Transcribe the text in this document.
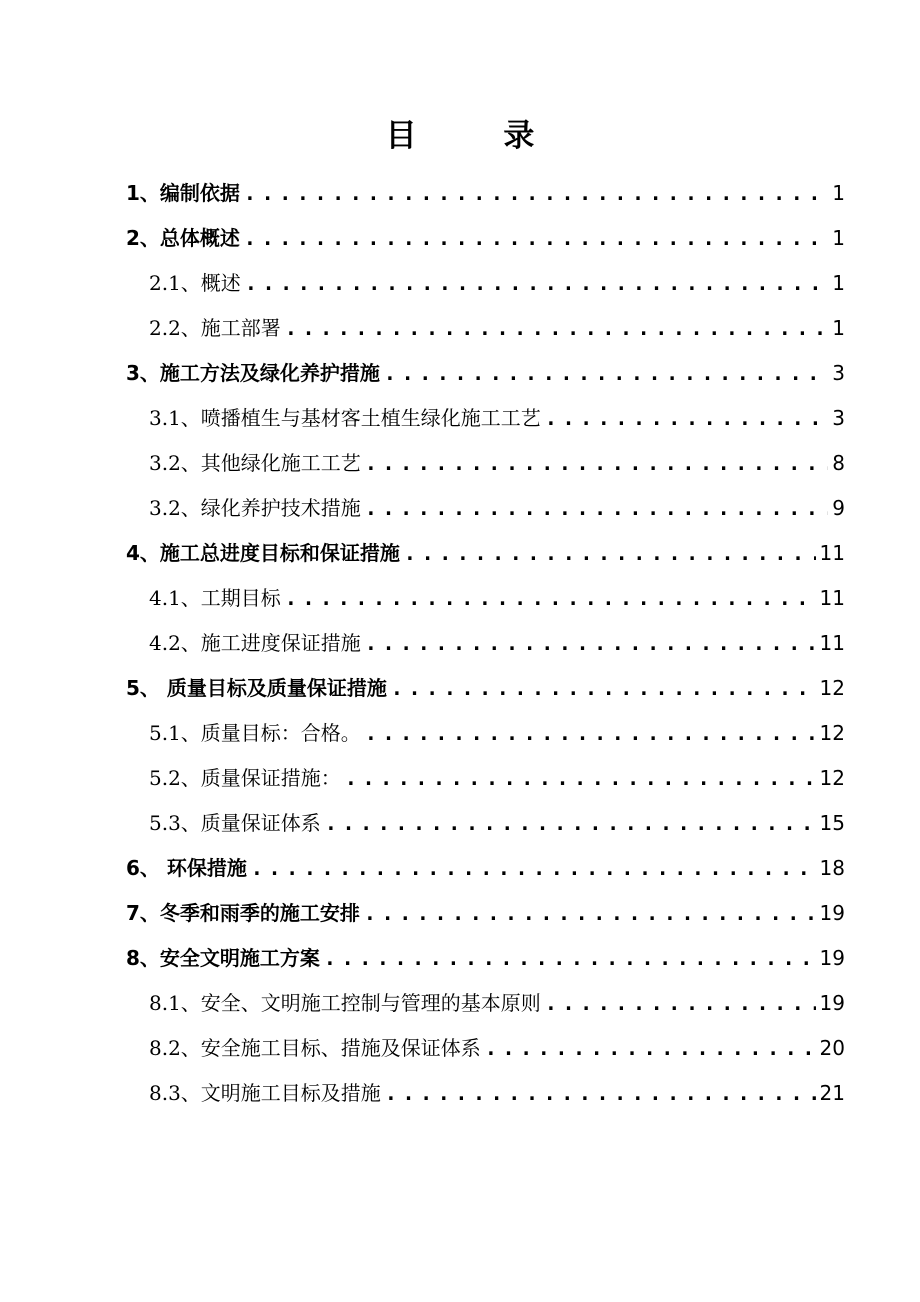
目 录
1、编制依据 .....	1
2、总体概述 .....	1
2.1、概述 .....	1
2.2、施工部署 .....	1
3、施工方法及绿化养护措施 .....	3
3.1、喷播植生与基材客土植生绿化施工工艺 .....	3
3.2、其他绿化施工工艺 .....	8
3.2、绿化养护技术措施 .....	9
4、施工总进度目标和保证措施 .....	11
4.1、工期目标 .....	11
4.2、施工进度保证措施 .....	11
5、 质量目标及质量保证措施 .....	12
5.1、质量目标：合格。 .....	12
5.2、质量保证措施： .....	12
5.3、质量保证体系 .....	15
6、 环保措施 .....	18
7、冬季和雨季的施工安排 .....	19
8、安全文明施工方案 .....	19
8.1、安全、文明施工控制与管理的基本原则 .....	19
8.2、安全施工目标、措施及保证体系 .....	20
8.3、文明施工目标及措施 .....	21
